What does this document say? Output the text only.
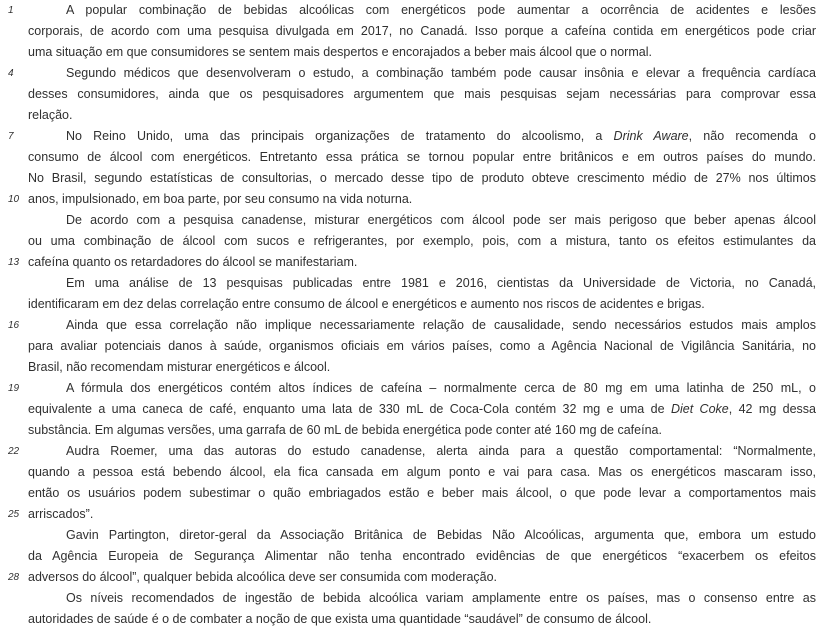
1	A popular combinação de bebidas alcoólicas com energéticos pode aumentar a ocorrência de acidentes e lesões
corporais, de acordo com uma pesquisa divulgada em 2017, no Canadá. Isso porque a cafeína contida em energéticos pode criar
uma situação em que consumidores se sentem mais despertos e encorajados a beber mais álcool que o normal.
4	Segundo médicos que desenvolveram o estudo, a combinação também pode causar insônia e elevar a frequência cardíaca
desses consumidores, ainda que os pesquisadores argumentem que mais pesquisas sejam necessárias para comprovar essa
relação.
7	No Reino Unido, uma das principais organizações de tratamento do alcoolismo, a Drink Aware, não recomenda o
consumo de álcool com energéticos. Entretanto essa prática se tornou popular entre britânicos e em outros países do mundo.
No Brasil, segundo estatísticas de consultorias, o mercado desse tipo de produto obteve crescimento médio de 27% nos últimos
10 anos, impulsionado, em boa parte, por seu consumo na vida noturna.
De acordo com a pesquisa canadense, misturar energéticos com álcool pode ser mais perigoso que beber apenas álcool
ou uma combinação de álcool com sucos e refrigerantes, por exemplo, pois, com a mistura, tanto os efeitos estimulantes da
13 cafeína quanto os retardadores do álcool se manifestariam.
Em uma análise de 13 pesquisas publicadas entre 1981 e 2016, cientistas da Universidade de Victoria, no Canadá,
identificaram em dez delas correlação entre consumo de álcool e energéticos e aumento nos riscos de acidentes e brigas.
16	Ainda que essa correlação não implique necessariamente relação de causalidade, sendo necessários estudos mais amplos
para avaliar potenciais danos à saúde, organismos oficiais em vários países, como a Agência Nacional de Vigilância Sanitária, no
Brasil, não recomendam misturar energéticos e álcool.
19	A fórmula dos energéticos contém altos índices de cafeína – normalmente cerca de 80 mg em uma latinha de 250 mL, o
equivalente a uma caneca de café, enquanto uma lata de 330 mL de Coca-Cola contém 32 mg e uma de Diet Coke, 42 mg dessa
substância. Em algumas versões, uma garrafa de 60 mL de bebida energética pode conter até 160 mg de cafeína.
22	Audra Roemer, uma das autoras do estudo canadense, alerta ainda para a questão comportamental: “Normalmente,
quando a pessoa está bebendo álcool, ela fica cansada em algum ponto e vai para casa. Mas os energéticos mascaram isso,
então os usuários podem subestimar o quão embriagados estão e beber mais álcool, o que pode levar a comportamentos mais
25 arriscados”.
Gavin Partington, diretor-geral da Associação Britânica de Bebidas Não Alcoólicas, argumenta que, embora um estudo
da Agência Europeia de Segurança Alimentar não tenha encontrado evidências de que energéticos “exacerbem os efeitos
28 adversos do álcool”, qualquer bebida alcoólica deve ser consumida com moderação.
Os níveis recomendados de ingestão de bebida alcoólica variam amplamente entre os países, mas o consenso entre as
autoridades de saúde é o de combater a noção de que exista uma quantidade “saudável” de consumo de álcool.
